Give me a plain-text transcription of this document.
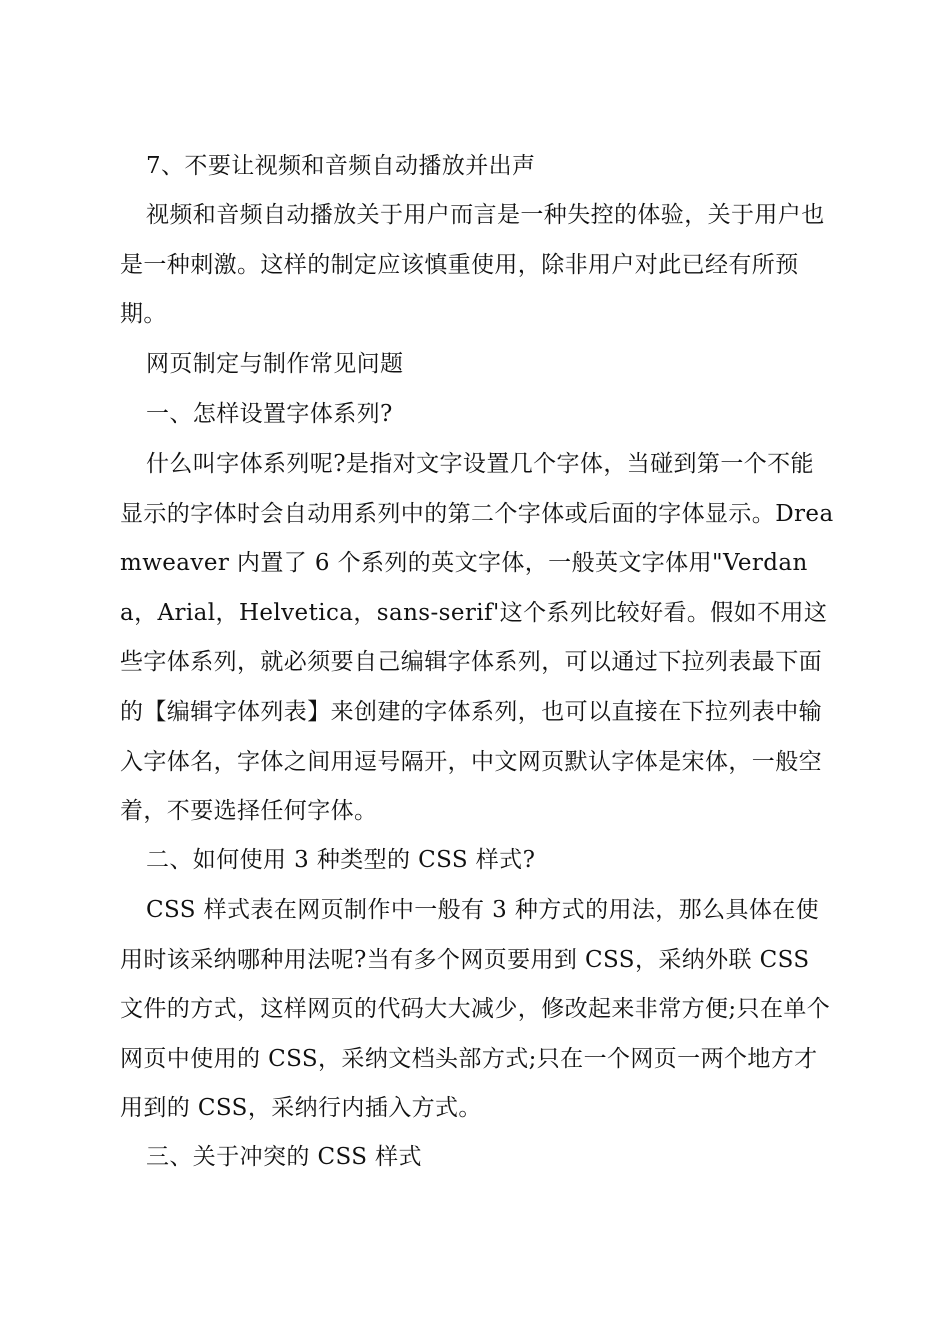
7、不要让视频和音频自动播放并出声

视频和音频自动播放关于用户而言是一种失控的体验，关于用户也是一种刺激。这样的制定应该慎重使用，除非用户对此已经有所预期。

网页制定与制作常见问题

一、怎样设置字体系列?

什么叫字体系列呢?是指对文字设置几个字体，当碰到第一个不能显示的字体时会自动用系列中的第二个字体或后面的字体显示。Dreamweaver 内置了 6 个系列的英文字体，一般英文字体用"Verdana，Arial，Helvetica，sans-serif'这个系列比较好看。假如不用这些字体系列，就必须要自己编辑字体系列，可以通过下拉列表最下面的【编辑字体列表】来创建的字体系列，也可以直接在下拉列表中输入字体名，字体之间用逗号隔开，中文网页默认字体是宋体，一般空着，不要选择任何字体。

二、如何使用 3 种类型的 CSS 样式?

CSS 样式表在网页制作中一般有 3 种方式的用法，那么具体在使用时该采纳哪种用法呢?当有多个网页要用到 CSS，采纳外联 CSS 文件的方式，这样网页的代码大大减少，修改起来非常方便;只在单个网页中使用的 CSS，采纳文档头部方式;只在一个网页一两个地方才用到的 CSS，采纳行内插入方式。

三、关于冲突的 CSS 样式
